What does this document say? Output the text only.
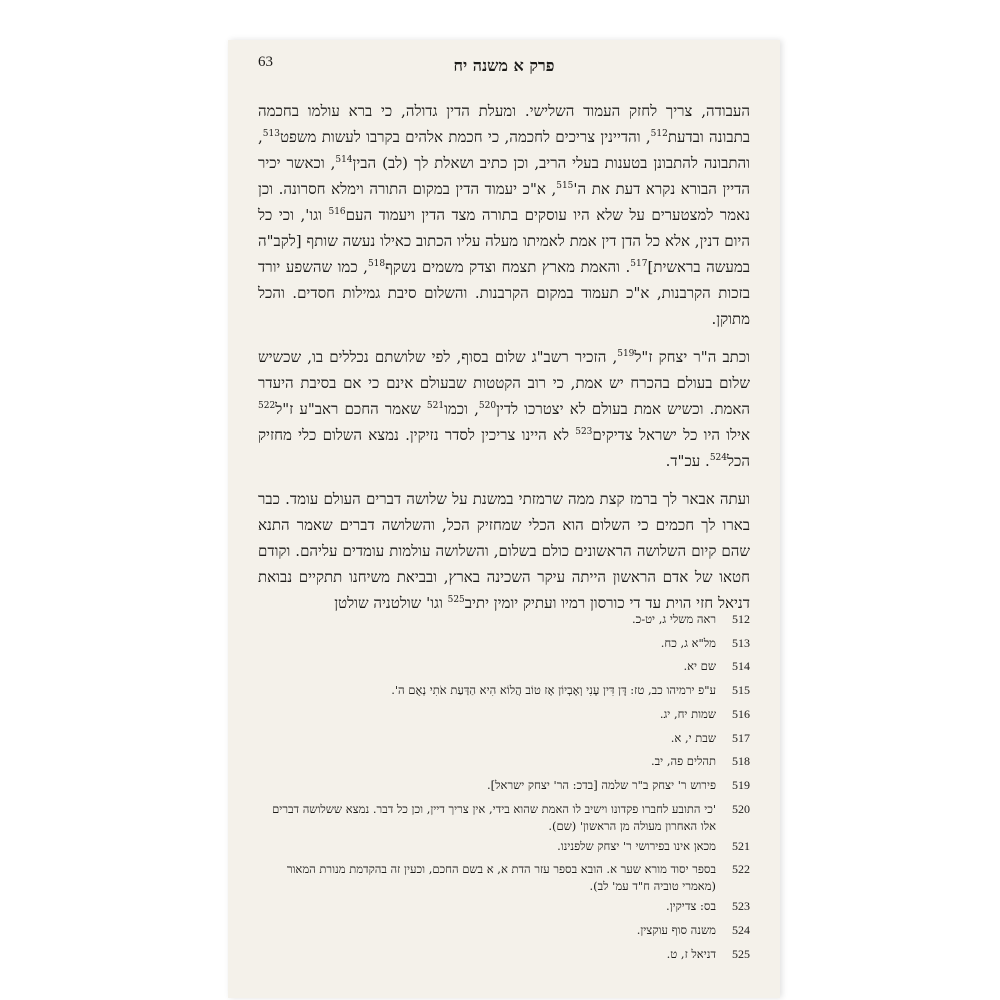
63	פרק א משנה יח

העבודה, צריך לחזק העמוד השלישי. ומעלת הדין גדולה, כי ברא עולמו בחכמה בתבונה ובדעת$^{512}$, והדיינין צריכים לחכמה, כי חכמת אלהים בקרבו לעשות משפט$^{513}$, והתבונה להתבונן בטענות בעלי הריב, וכן כתיב ושאלת לך (לב) הבין$^{514}$, וכאשר יכיר הדיין הבורא נקרא דעת את $ה'^{515}$, א"כ יעמוד הדין במקום התורה וימלא חסרונה. וכן נאמר למצטערים על שלא היו עוסקים בתורה מצד הדין ויעמוד העם$^{516}$ וגו', וכי כל היום דנין, אלא כל הדן דין אמת לאמיתו מעלה עליו הכתוב כאילו נעשה שותף [לקב"ה במעשה בראשית]$^{517}$. והאמת מארץ תצמח וצדק משמים נשקף$^{518}$, כמו שהשפע יורד בזכות הקרבנות, א"כ תעמוד במקום הקרבנות. והשלום סיבת גמילות חסדים. והכל מתוקן.

וכתב ה"ר יצחק ז"ל$^{519}$, הזכיר רשב"ג שלום בסוף, לפי שלושתם נכללים בו, שכשיש שלום בעולם בהכרח יש אמת, כי רוב הקטטות שבעולם אינם כי אם בסיבת היעדר האמת. וכשיש אמת בעולם לא יצטרכו לדין$^{520}$, וכמו$^{521}$ שאמר החכם ראב"ע ז"ל$^{522}$ אילו היו כל ישראל צדיקים$^{523}$ לא היינו צריכין לסדר נזיקין. נמצא השלום כלי מחזיק הכל$^{524}$. עכ"ד.

ועתה אבאר לך ברמז קצת ממה שרמזתי במשנת על שלושה דברים העולם עומד. כבר בארו לך חכמים כי השלום הוא הכלי שמחזיק הכל, והשלושה דברים שאמר התנא שהם קיום השלושה הראשונים כולם בשלום, והשלושה עולמות עומדים עליהם. וקודם חטאו של אדם הראשון הייתה עיקר השכינה בארץ, ובביאת משיחנו תתקיים נבואת דניאל חזי הוית עד די כורסון רמיו ועתיק יומין יתיב$^{525}$ וגו' שולטניה שולטן

512
ראה משלי ג, יט-כ.
513
מל"א ג, כח.
514
שם יא.
515
ע"פ ירמיהו כב, טז: דָּן דִּין עָנִי וְאֶבְיוֹן אָז טוֹב הֲלוֹא הִיא הַדַּעַת אֹתִי נְאֻם ה'.
516
שמות יח, יג.
517
שבת י, א.
518
תהלים פה, יב.
519
פירוש ר' יצחק ב"ר שלמה [בדכ: הר' יצחק ישראל].
520
'כי התובע לחברו פקדונו וישיב לו האמת שהוא בידי, אין צריך דיין, וכן כל דבר. נמצא ששלושה דברים אלו האחרון מעולה מן הראשון' (שם).
521
מכאן אינו בפירושי ר' יצחק שלפנינו.
522
בספר יסוד מורא שער א. הובא בספר עזר הדת א, א בשם החכם, וכעין זה בהקדמת מנורת המאור (מאמרי טוביה ח"ד עמ' לב).
523
בס: צדיקין.
524
משנה סוף עוקצין.
525
דניאל ז, ט.
